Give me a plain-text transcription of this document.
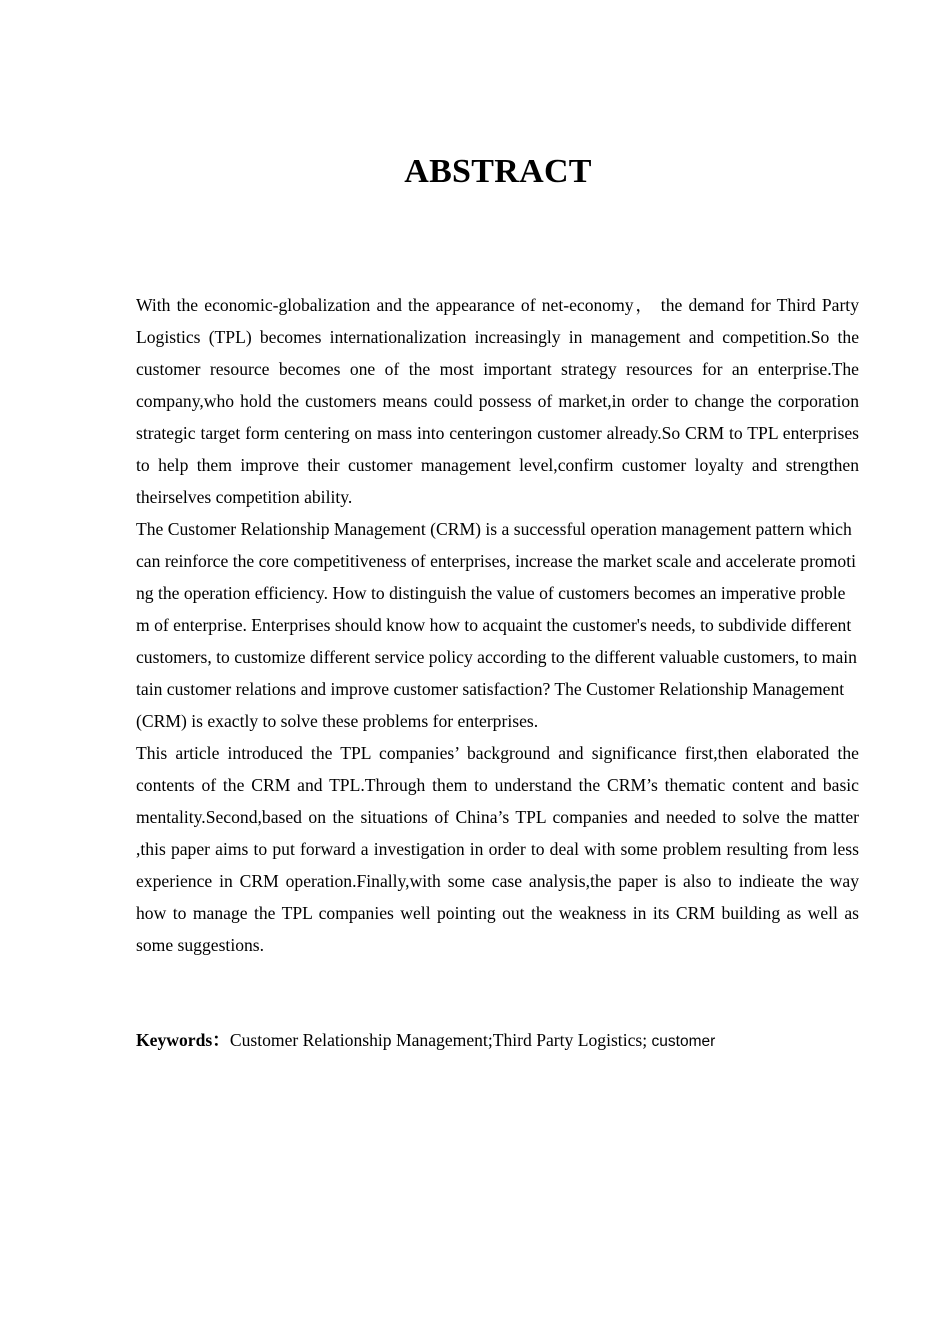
ABSTRACT

With the economic-globalization and the appearance of net-economy， the demand for Third Party Logistics (TPL) becomes internationalization increasingly in management and competition.So the customer resource becomes one of the most important strategy resources for an enterprise.The company,who hold the customers means could possess of market,in order to change the corporation strategic target form centering on mass into centeringon customer already.So CRM to TPL enterprises to help them improve their customer management level,confirm customer loyalty and strengthen theirselves competition ability.

The Customer Relationship Management (CRM) is a successful operation management pattern which can reinforce the core competitiveness of enterprises, increase the market scale and accelerate promoting the operation efficiency. How to distinguish the value of customers becomes an imperative problem of enterprise. Enterprises should know how to acquaint the customer's needs, to subdivide different customers, to customize different service policy according to the different valuable customers, to maintain customer relations and improve customer satisfaction? The Customer Relationship Management (CRM) is exactly to solve these problems for enterprises.

This article introduced the TPL companies’ background and significance first,then elaborated the contents of the CRM and TPL.Through them to understand the CRM’s thematic content and basic mentality.Second,based on the situations of China’s TPL companies and needed to solve the matter ,this paper aims to put forward a investigation in order to deal with some problem resulting from less experience in CRM operation.Finally,with some case analysis,the paper is also to indieate the way how to manage the TPL companies well pointing out the weakness in its CRM building as well as some suggestions.

Keywords：Customer Relationship Management;Third Party Logistics; customer
